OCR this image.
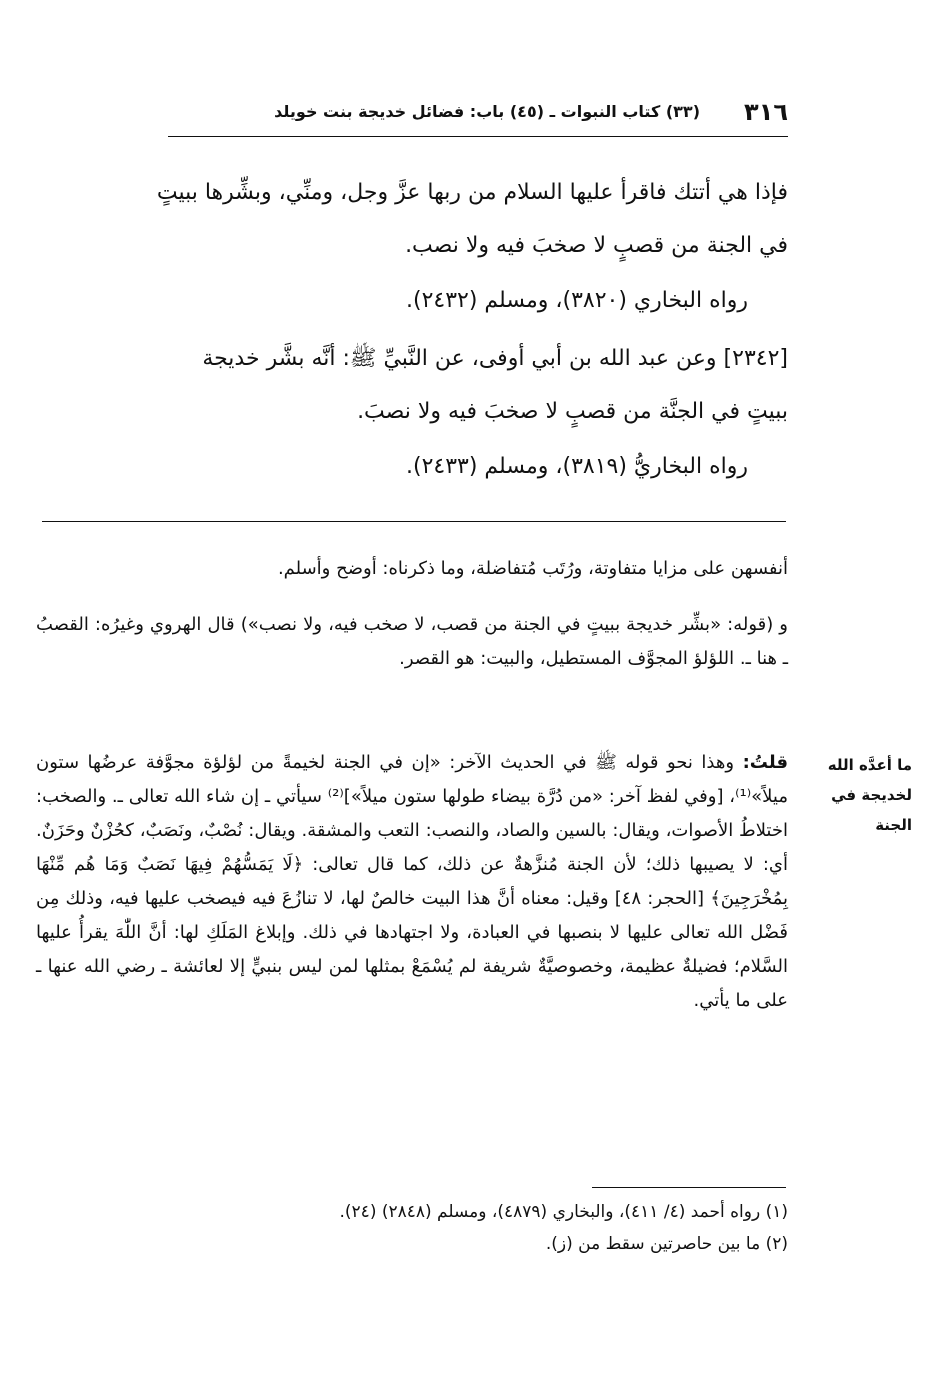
٣١٦
(٣٣) كتاب النبوات ـ (٤٥) باب: فضائل خديجة بنت خويلد
فإذا هي أتتك فاقرأ عليها السلام من ربها عزَّ وجل، ومنِّي، وبشِّرها ببيتٍ
في الجنة من قصبٍ لا صخبَ فيه ولا نصب.
رواه البخاري (٣٨٢٠)، ومسلم (٢٤٣٢).
[٢٣٤٢] وعن عبد الله بن أبي أوفى، عن النَّبيِّ ﷺ: أنَّه بشَّر خديجة
ببيتٍ في الجنَّة من قصبٍ لا صخبَ فيه ولا نصبَ.
رواه البخاريُّ (٣٨١٩)، ومسلم (٢٤٣٣).
أنفسهن على مزايا متفاوتة، ورُتَب مُتفاضلة، وما ذكرناه: أوضح وأسلم.
و (قوله: «بشِّر خديجة ببيتٍ في الجنة من قصب، لا صخب فيه، ولا نصب») قال الهروي وغيرُه: القصبُ ـ هنا ـ. اللؤلؤ المجوَّف المستطيل، والبيت: هو القصر.
قلتُ: وهذا نحو قوله ﷺ في الحديث الآخر: «إن في الجنة لخيمةً من لؤلؤة مجوَّفة عرضُها ستون ميلاً»⁽¹⁾، [وفي لفظ آخر: «من دُرَّة بيضاء طولها ستون ميلاً»]⁽²⁾ سيأتي ـ إن شاء الله تعالى ـ. والصخب: اختلاطُ الأصوات، ويقال: بالسين والصاد، والنصب: التعب والمشقة. ويقال: نُصْبٌ، ونَصَبٌ، كحُزْنٌ وحَزَنٌ. أي: لا يصيبها ذلك؛ لأن الجنة مُنزَّهةٌ عن ذلك، كما قال تعالى: ﴿لَا يَمَسُّهُمْ فِيهَا نَصَبٌ وَمَا هُم مِّنْهَا بِمُخْرَجِينَ﴾ [الحجر: ٤٨] وقيل: معناه أنَّ هذا البيت خالصٌ لها، لا تنازُعَ فيه فيصخب عليها فيه، وذلك مِن فَضْل الله تعالى عليها لا بنصبها في العبادة، ولا اجتهادها في ذلك. وإبلاغ المَلَكِ لها: أنَّ اللّٰهَ يقرأُ عليها السَّلام؛ فضيلةٌ عظيمة، وخصوصيَّةٌ شريفة لم يُسْمَعْ بمثلها لمن ليس بنبيٍّ إلا لعائشة ـ رضي الله عنها ـ على ما يأتي.
ما أعدَّه الله
لخديجة في
الجنة
(١) رواه أحمد (٤/ ٤١١)، والبخاري (٤٨٧٩)، ومسلم (٢٨٤٨) (٢٤).
(٢) ما بين حاصرتين سقط من (ز).
